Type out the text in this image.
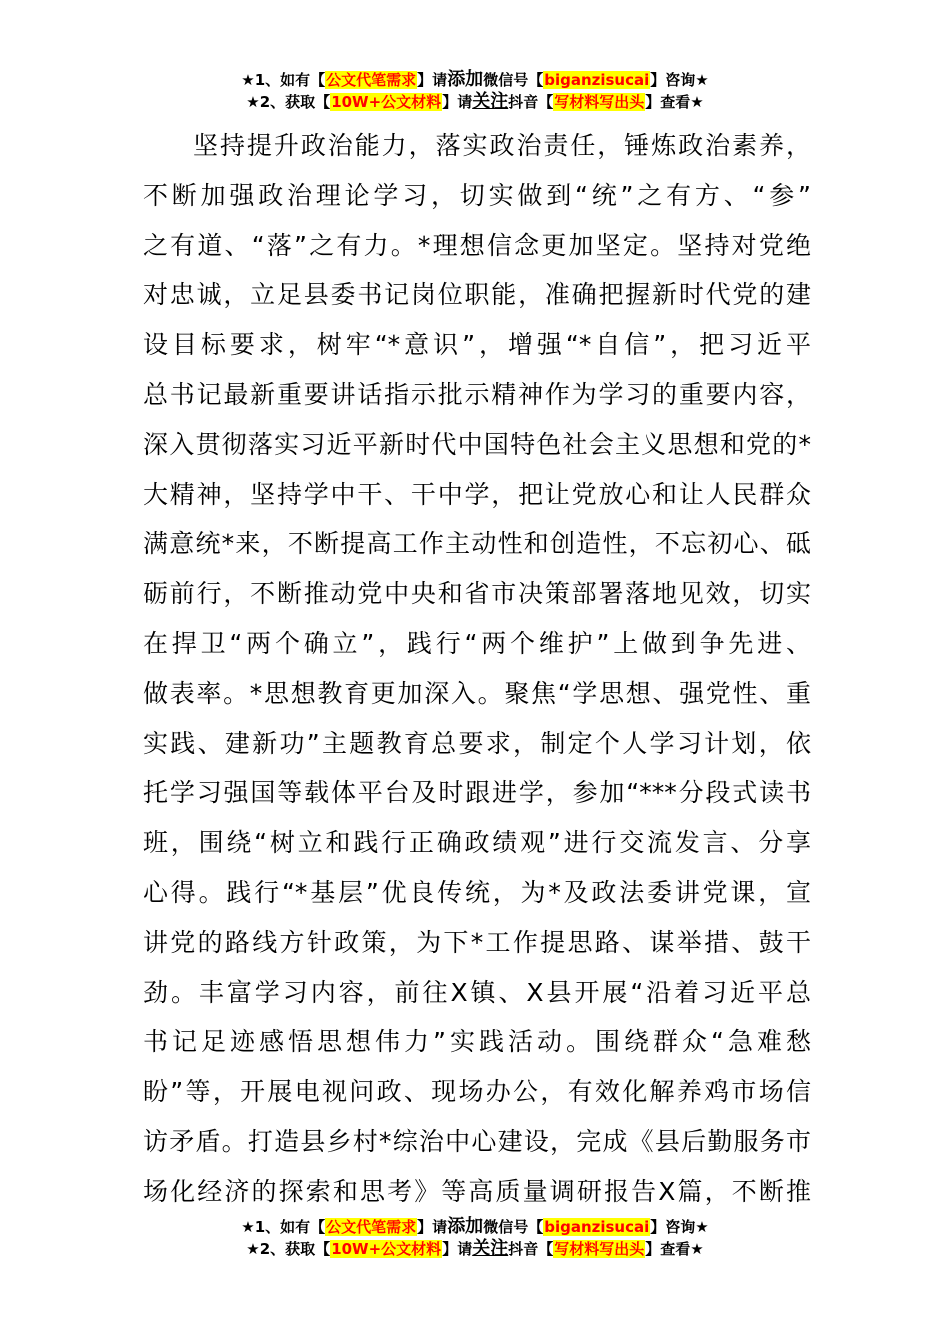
★1、如有【公文代笔需求】请添加微信号【biganzisucai】咨询★
★2、获取【10W+公文材料】请关注抖音【写材料写出头】查看★
坚持提升政治能力，落实政治责任，锤炼政治素养，
不断加强政治理论学习，切实做到“统”之有方、“参”
之有道、“落”之有力。*理想信念更加坚定。坚持对党绝
对忠诚，立足县委书记岗位职能，准确把握新时代党的建
设目标要求，树牢“*意识”，增强“*自信”，把习近平
总书记最新重要讲话指示批示精神作为学习的重要内容，
深入贯彻落实习近平新时代中国特色社会主义思想和党的*
大精神，坚持学中干、干中学，把让党放心和让人民群众
满意统*来，不断提高工作主动性和创造性，不忘初心、砥
砺前行，不断推动党中央和省市决策部署落地见效，切实
在捍卫“两个确立”，践行“两个维护”上做到争先进、
做表率。*思想教育更加深入。聚焦“学思想、强党性、重
实践、建新功”主题教育总要求，制定个人学习计划，依
托学习强国等载体平台及时跟进学，参加“***分段式读书
班，围绕“树立和践行正确政绩观”进行交流发言、分享
心得。践行“*基层”优良传统，为*及政法委讲党课，宣
讲党的路线方针政策，为下*工作提思路、谋举措、鼓干
劲。丰富学习内容，前往X镇、X县开展“沿着习近平总
书记足迹感悟思想伟力”实践活动。围绕群众“急难愁
盼”等，开展电视问政、现场办公，有效化解养鸡市场信
访矛盾。打造县乡村*综治中心建设，完成《县后勤服务市
场化经济的探索和思考》等高质量调研报告X篇，不断推
★1、如有【公文代笔需求】请添加微信号【biganzisucai】咨询★
★2、获取【10W+公文材料】请关注抖音【写材料写出头】查看★
